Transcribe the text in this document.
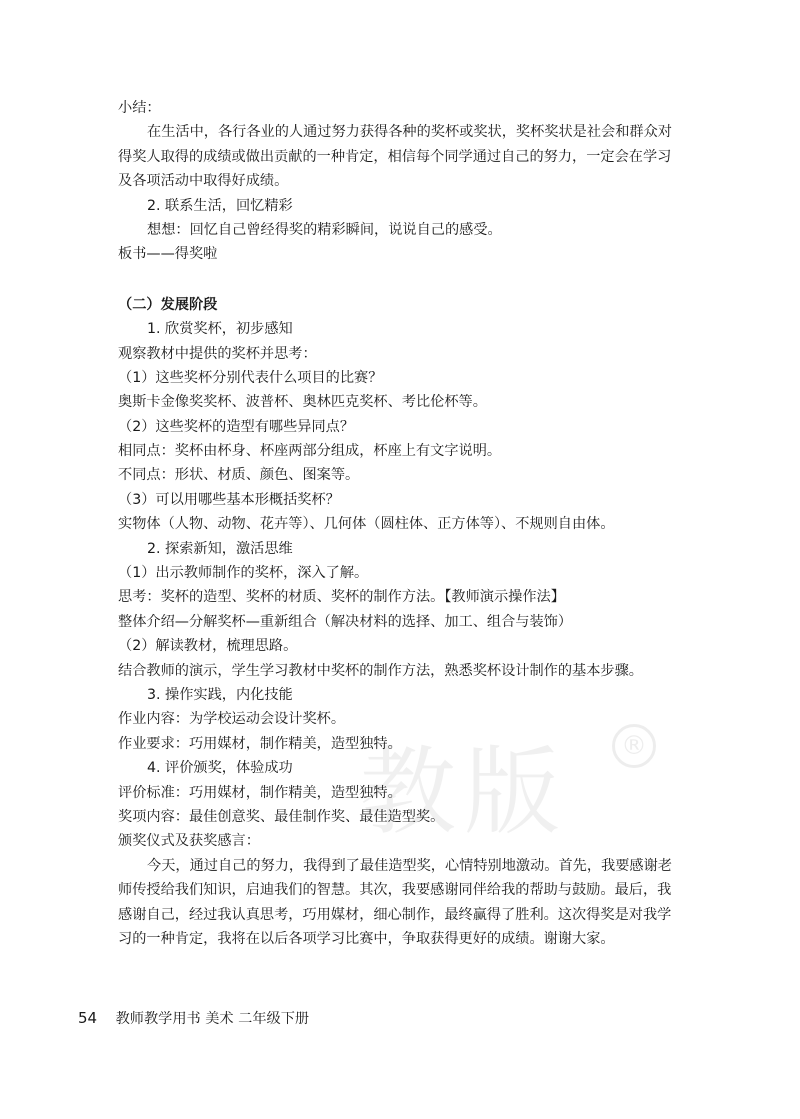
教版	®
小结：
在生活中，各行各业的人通过努力获得各种的奖杯或奖状，奖杯奖状是社会和群众对
得奖人取得的成绩或做出贡献的一种肯定，相信每个同学通过自己的努力，一定会在学习
及各项活动中取得好成绩。
2. 联系生活，回忆精彩
想想：回忆自己曾经得奖的精彩瞬间，说说自己的感受。
板书——得奖啦
（二）发展阶段
1. 欣赏奖杯，初步感知
观察教材中提供的奖杯并思考：
（1）这些奖杯分别代表什么项目的比赛？
奥斯卡金像奖奖杯、波普杯、奥林匹克奖杯、考比伦杯等。
（2）这些奖杯的造型有哪些异同点？
相同点：奖杯由杯身、杯座两部分组成，杯座上有文字说明。
不同点：形状、材质、颜色、图案等。
（3）可以用哪些基本形概括奖杯？
实物体（人物、动物、花卉等）、几何体（圆柱体、正方体等）、不规则自由体。
2. 探索新知，激活思维
（1）出示教师制作的奖杯，深入了解。
思考：奖杯的造型、奖杯的材质、奖杯的制作方法。【教师演示操作法】
整体介绍—分解奖杯—重新组合（解决材料的选择、加工、组合与装饰）
（2）解读教材，梳理思路。
结合教师的演示，学生学习教材中奖杯的制作方法，熟悉奖杯设计制作的基本步骤。
3. 操作实践，内化技能
作业内容：为学校运动会设计奖杯。
作业要求：巧用媒材，制作精美，造型独特。
4. 评价颁奖，体验成功
评价标准：巧用媒材，制作精美，造型独特。
奖项内容：最佳创意奖、最佳制作奖、最佳造型奖。
颁奖仪式及获奖感言：
今天，通过自己的努力，我得到了最佳造型奖，心情特别地激动。首先，我要感谢老
师传授给我们知识，启迪我们的智慧。其次，我要感谢同伴给我的帮助与鼓励。最后，我
感谢自己，经过我认真思考，巧用媒材，细心制作，最终赢得了胜利。这次得奖是对我学
习的一种肯定，我将在以后各项学习比赛中，争取获得更好的成绩。谢谢大家。
54 教师教学用书 美术 二年级下册
